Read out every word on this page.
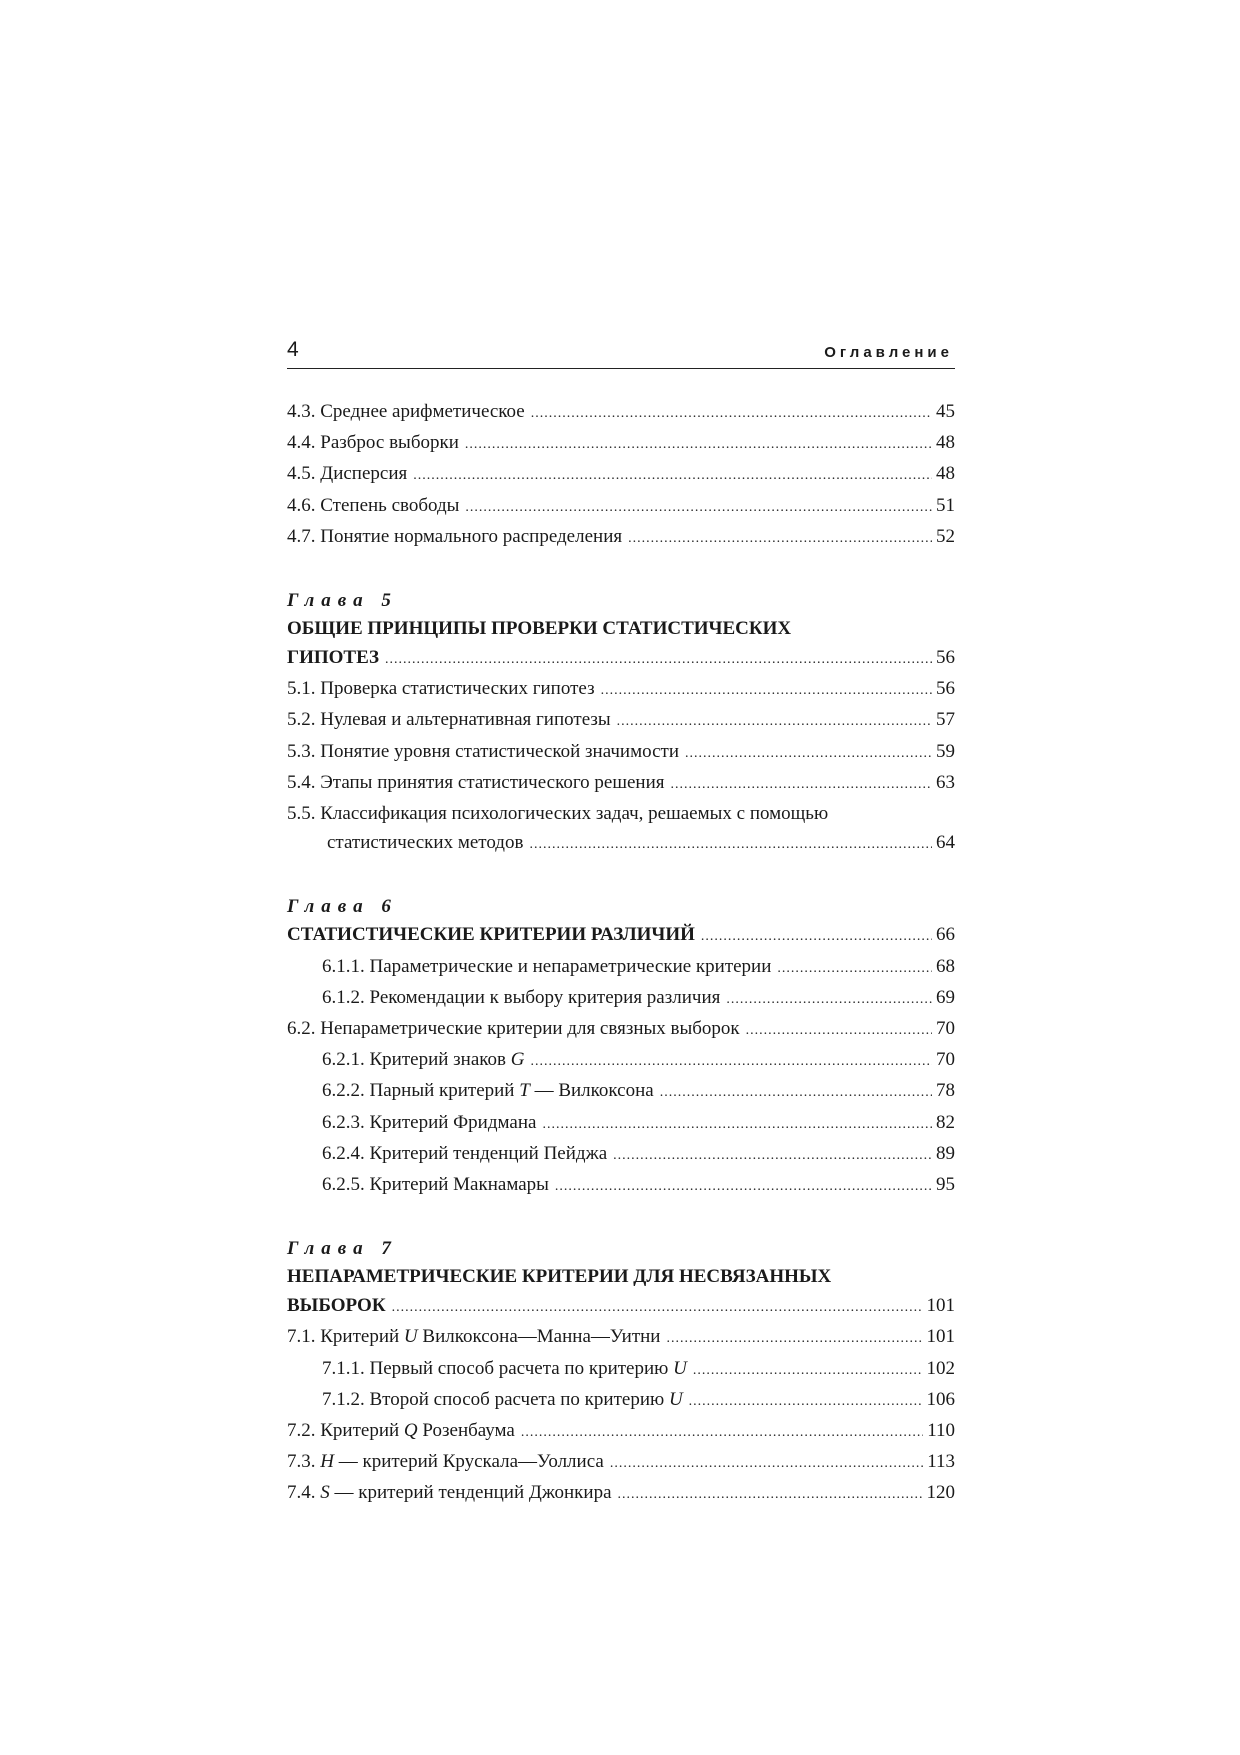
4	Оглавление
4.3. Среднее арифметическое .....	45
4.4. Разброс выборки .....	48
4.5. Дисперсия .....	48
4.6. Степень свободы .....	51
4.7. Понятие нормального распределения .....	52
Глава 5
ОБЩИЕ ПРИНЦИПЫ ПРОВЕРКИ СТАТИСТИЧЕСКИХ
ГИПОТЕЗ .....	56
5.1. Проверка статистических гипотез .....	56
5.2. Нулевая и альтернативная гипотезы .....	57
5.3. Понятие уровня статистической значимости .....	59
5.4. Этапы принятия статистического решения .....	63
5.5. Классификация психологических задач, решаемых с помощью
статистических методов .....	64
Глава 6
СТАТИСТИЧЕСКИЕ КРИТЕРИИ РАЗЛИЧИЙ .....	66
6.1.1. Параметрические и непараметрические критерии .....	68
6.1.2. Рекомендации к выбору критерия различия .....	69
6.2. Непараметрические критерии для связных выборок .....	70
6.2.1. Критерий знаков G .....	70
6.2.2. Парный критерий T — Вилкоксона .....	78
6.2.3. Критерий Фридмана .....	82
6.2.4. Критерий тенденций Пейджа .....	89
6.2.5. Критерий Макнамары .....	95
Глава 7
НЕПАРАМЕТРИЧЕСКИЕ КРИТЕРИИ ДЛЯ НЕСВЯЗАННЫХ
ВЫБОРОК .....	101
7.1. Критерий U Вилкоксона—Манна—Уитни .....	101
7.1.1. Первый способ расчета по критерию U .....	102
7.1.2. Второй способ расчета по критерию U .....	106
7.2. Критерий Q Розенбаума .....	110
7.3. H — критерий Крускала—Уоллиса .....	113
7.4. S — критерий тенденций Джонкира .....	120
